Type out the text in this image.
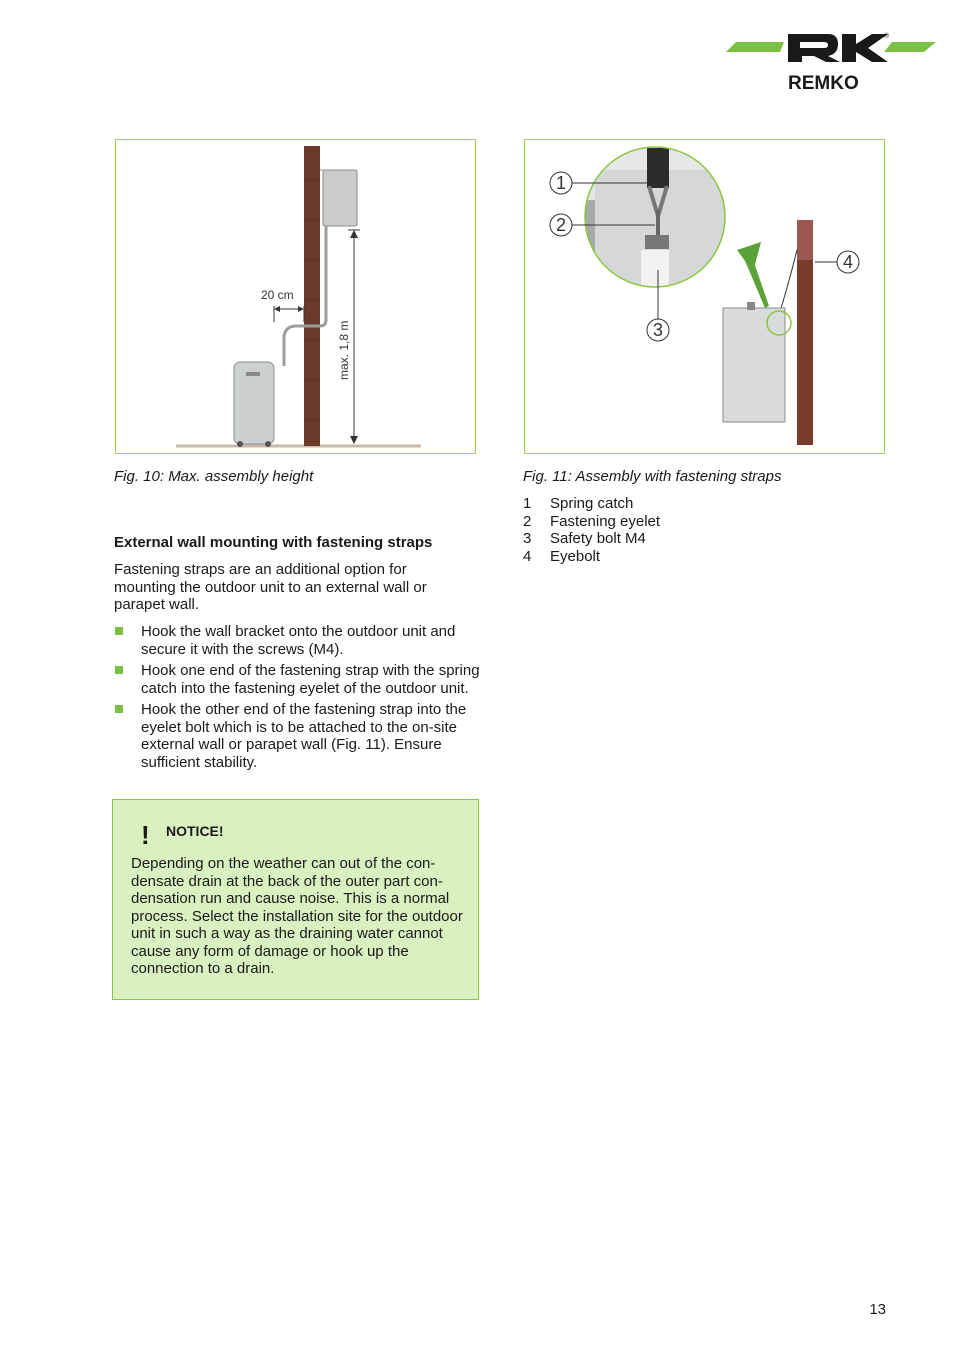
REMKO
®
20 cm
max. 1,8 m
1
2
3
4
Fig. 10: Max. assembly height	Fig. 11: Assembly with fastening straps
1 Spring catch
2 Fastening eyelet
3 Safety bolt M4
4 Eyebolt
External wall mounting with fastening straps
Fastening straps are an additional option for mounting the outdoor unit to an external wall or parapet wall.
Hook the wall bracket onto the outdoor unit and secure it with the screws (M4).
Hook one end of the fastening strap with the spring catch into the fastening eyelet of the outdoor unit.
Hook the other end of the fastening strap into the eyelet bolt which is to be attached to the on-site external wall or parapet wall (Fig. 11). Ensure sufficient stability.
! NOTICE!
Depending on the weather can out of the con-densate drain at the back of the outer part con-densation run and cause noise. This is a normal process. Select the installation site for the outdoor unit in such a way as the draining water cannot cause any form of damage or hook up the connection to a drain.
13
